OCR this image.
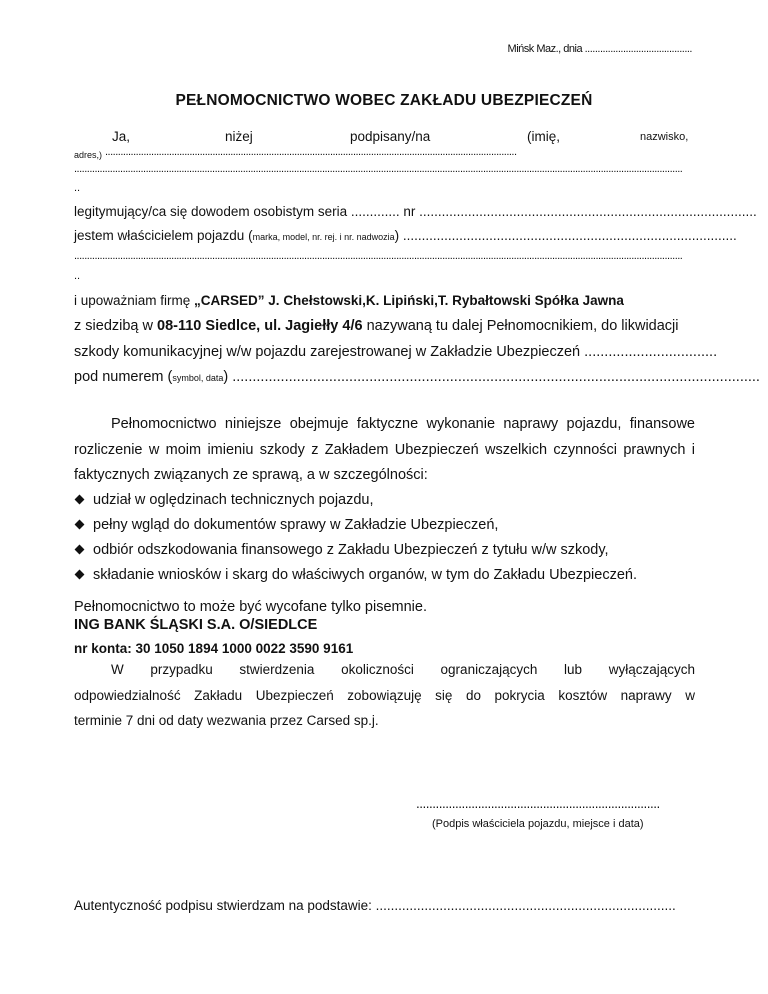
Mińsk Maz., dnia ..........................................
PEŁNOMOCNICTWO WOBEC ZAKŁADU UBEZPIECZEŃ
Ja,	niżej	podpisany/na	(imię,	nazwisko,
adres,) .................................................................................................................................................................
..............................................................................................................................................................................................................................................
..
legitymujący/ca się dowodem osobistym seria ............. nr ..........................................................................................
jestem właścicielem pojazdu (marka, model, nr. rej. i nr. nadwozia) .........................................................................................
..............................................................................................................................................................................................................................................
..
i upoważniam firmę „CARSED” J. Chełstowski,K. Lipiński,T. Rybałtowski Spółka Jawna
z siedzibą w 08-110 Siedlce, ul. Jagiełły 4/6 nazywaną tu dalej Pełnomocnikiem, do likwidacji
szkody komunikacyjnej w/w pojazdu zarejestrowanej w Zakładzie Ubezpieczeń .................................
pod numerem (symbol, data) ...................................................................................................................................
Pełnomocnictwo niniejsze obejmuje faktyczne wykonanie naprawy pojazdu, finansowe
rozliczenie w moim imieniu szkody z Zakładem Ubezpieczeń wszelkich czynności prawnych i
faktycznych związanych ze sprawą, a w szczególności:
udział w oględzinach technicznych pojazdu,
pełny wgląd do dokumentów sprawy w Zakładzie Ubezpieczeń,
odbiór odszkodowania finansowego z Zakładu Ubezpieczeń z tytułu w/w szkody,
składanie wniosków i skarg do właściwych organów, w tym do Zakładu Ubezpieczeń.
Pełnomocnictwo to może być wycofane tylko pisemnie.
ING BANK ŚLĄSKI S.A. O/SIEDLCE
nr konta: 30 1050 1894 1000 0022 3590 9161
W przypadku stwierdzenia okoliczności ograniczających lub wyłączających
odpowiedzialność Zakładu Ubezpieczeń zobowiązuję się do pokrycia kosztów naprawy w
terminie 7 dni od daty wezwania przez Carsed sp.j.
...........................................................................
(Podpis właściciela pojazdu, miejsce i data)
Autentyczność podpisu stwierdzam na podstawie: ................................................................................
